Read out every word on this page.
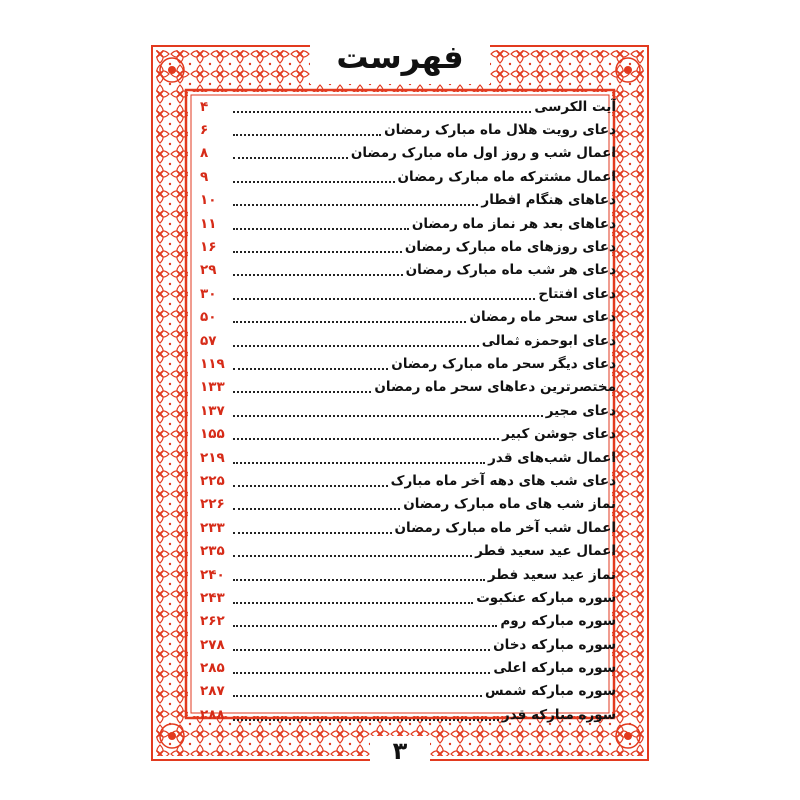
فهرست
آیت الکرسی
۴
دعای رویت هلال ماه مبارک رمضان
۶
اعمال شب و روز اول ماه مبارک رمضان
۸
اعمال مشترکه ماه مبارک رمضان
۹
دعاهای هنگام افطار
۱۰
دعاهای بعد هر نماز ماه رمضان
۱۱
دعای روزهای ماه مبارک رمضان
۱۶
دعای هر شب ماه مبارک رمضان
۲۹
دعای افتتاح
۳۰
دعای سحر ماه رمضان
۵۰
دعای ابوحمزه ثمالی
۵۷
دعای دیگر سحر ماه مبارک رمضان
۱۱۹
مختصرترین دعاهای سحر ماه رمضان
۱۳۳
دعای مجیر
۱۳۷
دعای جوشن کبیر
۱۵۵
اعمال شب‌های قدر
۲۱۹
دعای شب های دهه آخر ماه مبارک
۲۲۵
نماز شب های ماه مبارک رمضان
۲۲۶
اعمال شب آخر ماه مبارک رمضان
۲۳۳
اعمال عید سعید فطر
۲۳۵
نماز عید سعید فطر
۲۴۰
سوره مبارکه عنکبوت
۲۴۳
سوره مبارکه روم
۲۶۲
سوره مبارکه دخان
۲۷۸
سوره مبارکه اعلی
۲۸۵
سوره مبارکه شمس
۲۸۷
سوره مبارکه قدر
۲۸۸
۳
